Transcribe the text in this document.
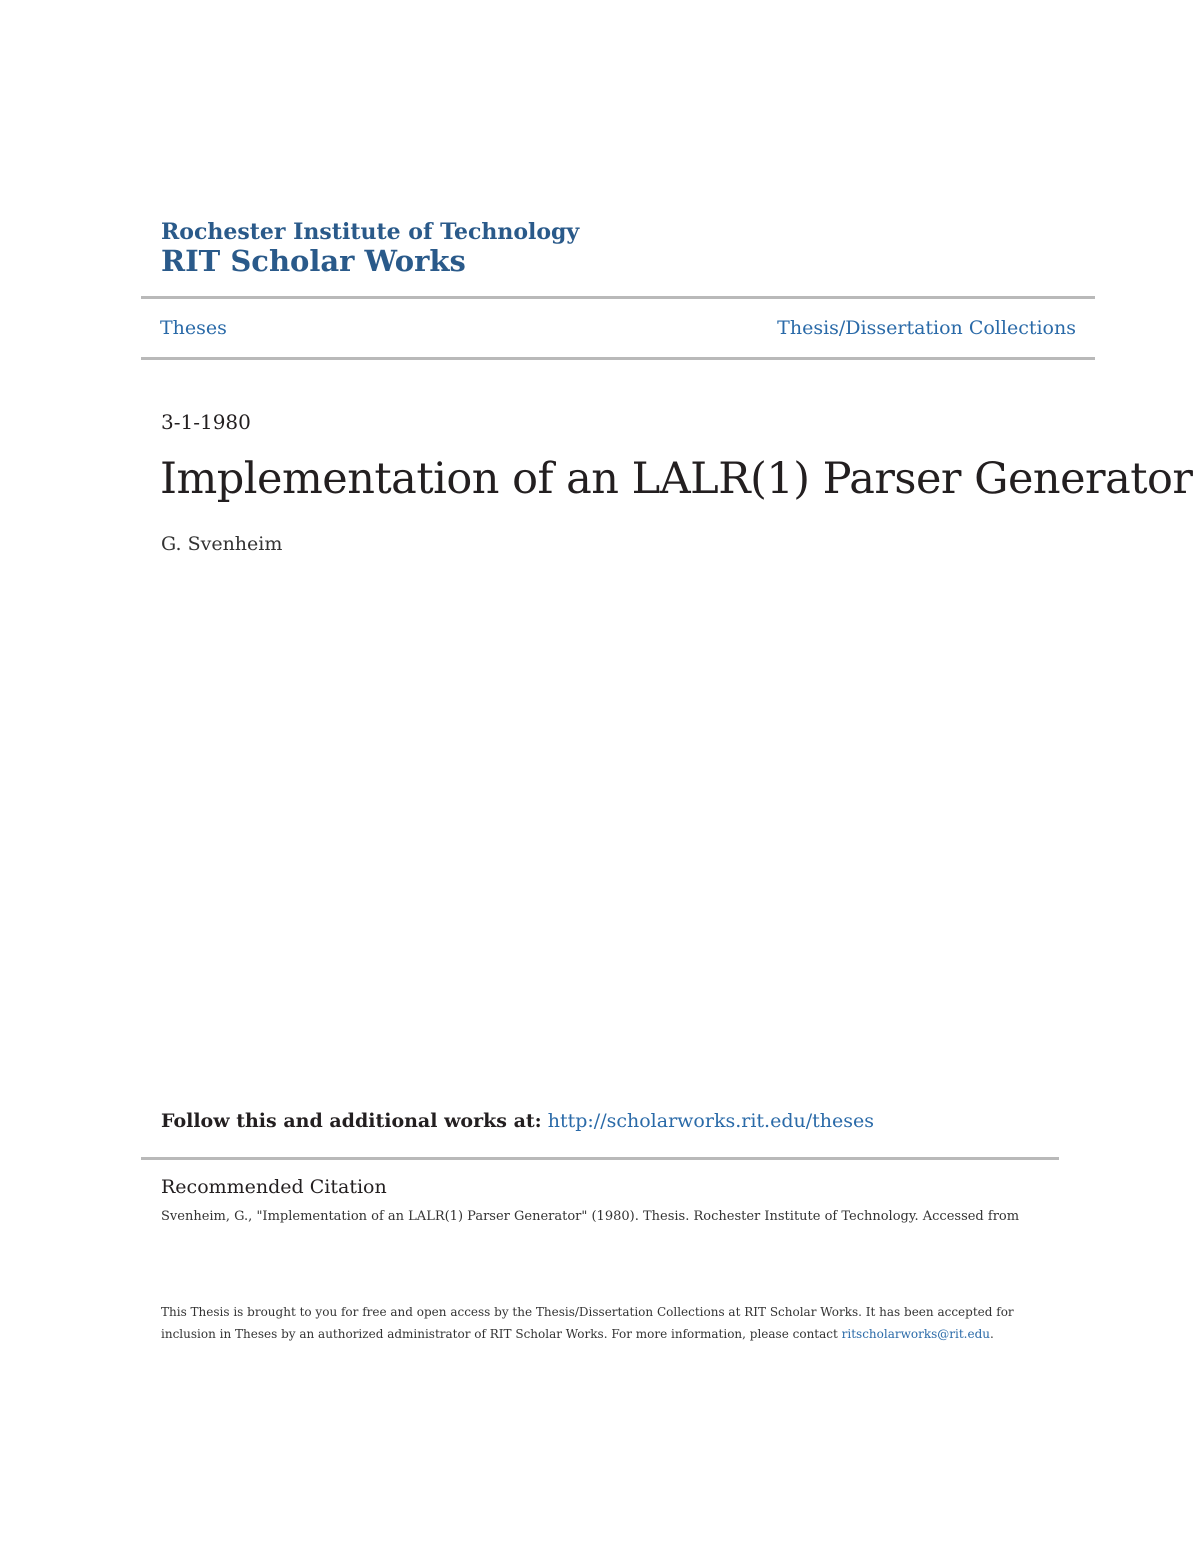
Rochester Institute of Technology
RIT Scholar Works
Theses	Thesis/Dissertation Collections
3-1-1980
Implementation of an LALR(1) Parser Generator
G. Svenheim
Follow this and additional works at: http://scholarworks.rit.edu/theses
Recommended Citation
Svenheim, G., "Implementation of an LALR(1) Parser Generator" (1980). Thesis. Rochester Institute of Technology. Accessed from
This Thesis is brought to you for free and open access by the Thesis/Dissertation Collections at RIT Scholar Works. It has been accepted for inclusion in Theses by an authorized administrator of RIT Scholar Works. For more information, please contact ritscholarworks@rit.edu.
